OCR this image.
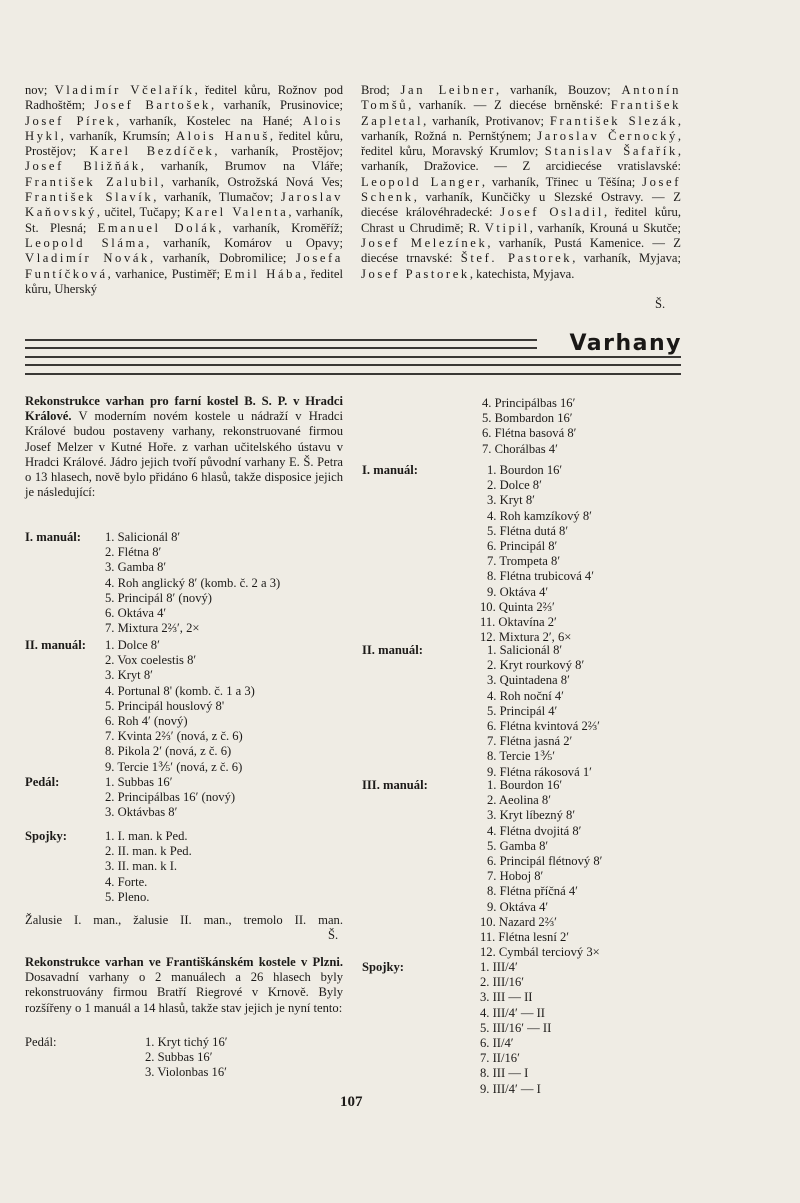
nov; Vladimír Včelařík, ředitel kůru, Rožnov pod Radhoštěm; Josef Bartošek, varhaník, Prusinovice; Josef Pírek, varhaník, Kostelec na Hané; Alois Hykl, varhaník, Krumsín; Alois Hanuš, ředitel kůru, Prostějov; Karel Bezdíček, varhaník, Prostějov; Josef Bližňák, varhaník, Brumov na Vláře; František Zalubil, varhaník, Ostrožská Nová Ves; František Slavík, varhaník, Tlumačov; Jaroslav Kaňovský, učitel, Tučapy; Karel Valenta, varhaník, St. Plesná; Emanuel Dolák, varhaník, Kroměříž; Leopold Sláma, varhaník, Komárov u Opavy; Vladimír Novák, varhaník, Dobromilice; Josefa Funtíčková, varhanice, Pustiměř; Emil Hába, ředitel kůru, Uherský
Brod; Jan Leibner, varhaník, Bouzov; Antonín Tomšů, varhaník. — Z diecése brněnské: František Zapletal, varhaník, Protivanov; František Slezák, varhaník, Rožná n. Pernštýnem; Jaroslav Černocký, ředitel kůru, Moravský Krumlov; Stanislav Šafařík, varhaník, Dražovice. — Z arcidiecése vratislavské: Leopold Langer, varhaník, Třinec u Těšína; Josef Schenk, varhaník, Kunčičky u Slezské Ostravy. — Z diecése královéhradecké: Josef Osladil, ředitel kůru, Chrast u Chrudimě; R. Vtipil, varhaník, Krouná u Skutče; Josef Melezínek, varhaník, Pustá Kamenice. — Z diecése trnavské: Štef. Pastorek, varhaník, Myjava; Josef Pastorek, katechista, Myjava.
Š.
Varhany
Rekonstrukce varhan pro farní kostel B. S. P. v Hradci Králové. V moderním novém kostele u nádraží v Hradci Králové budou postaveny varhany, rekonstruované firmou Josef Melzer v Kutné Hoře. z varhan učitelského ústavu v Hradci Králové. Jádro jejich tvoří původní varhany E. Š. Petra o 13 hlasech, nově bylo přidáno 6 hlasů, takže disposice jejich je následující:
I. manuál:	1. Salicionál 8′
2. Flétna 8′
3. Gamba 8′
4. Roh anglický 8′ (komb. č. 2 a 3)
5. Principál 8′ (nový)
6. Oktáva 4′
7. Mixtura 2⅔′, 2×
II. manuál:	1. Dolce 8′
2. Vox coelestis 8′
3. Kryt 8′
4. Portunal 8' (komb. č. 1 a 3)
5. Principál houslový 8'
6. Roh 4′ (nový)
7. Kvinta 2⅔′ (nová, z č. 6)
8. Pikola 2′ (nová, z č. 6)
9. Tercie 1⅗′ (nová, z č. 6)
Pedál:	1. Subbas 16′
2. Principálbas 16′ (nový)
3. Oktávbas 8′
Spojky:	1. I. man. k Ped.
2. II. man. k Ped.
3. II. man. k I.
4. Forte.
5. Pleno.
Žalusie I. man., žalusie II. man., tremolo II. man.
Š.
Rekonstrukce varhan ve Františkánském kostele v Plzni. Dosavadní varhany o 2 manuálech a 26 hlasech byly rekonstruovány firmou Bratří Riegrové v Krnově. Byly rozšířeny o 1 manuál a 14 hlasů, takže stav jejich je nyní tento:
Pedál:	1. Kryt tichý 16′
2. Subbas 16′
3. Violonbas 16′
4. Principálbas 16′
5. Bombardon 16′
6. Flétna basová 8′
7. Chorálbas 4′
I. manuál:	1. Bourdon 16′
2. Dolce 8′
3. Kryt 8′
4. Roh kamzíkový 8′
5. Flétna dutá 8′
6. Principál 8′
7. Trompeta 8′
8. Flétna trubicová 4′
9. Oktáva 4′
10. Quinta 2⅔′
11. Oktavína 2′
12. Mixtura 2′, 6×
II. manuál:	1. Salicionál 8′
2. Kryt rourkový 8′
3. Quintadena 8′
4. Roh noční 4′
5. Principál 4′
6. Flétna kvintová 2⅔′
7. Flétna jasná 2′
8. Tercie 1⅗′
9. Flétna rákosová 1′
III. manuál:	1. Bourdon 16′
2. Aeolina 8′
3. Kryt líbezný 8′
4. Flétna dvojitá 8′
5. Gamba 8′
6. Principál flétnový 8′
7. Hoboj 8′
8. Flétna příčná 4′
9. Oktáva 4′
10. Nazard 2⅔′
11. Flétna lesní 2′
12. Cymbál terciový 3×
Spojky:	1. III/4′
2. III/16′
3. III — II
4. III/4′ — II
5. III/16′ — II
6. II/4′
7. II/16′
8. III — I
9. III/4′ — I
107
